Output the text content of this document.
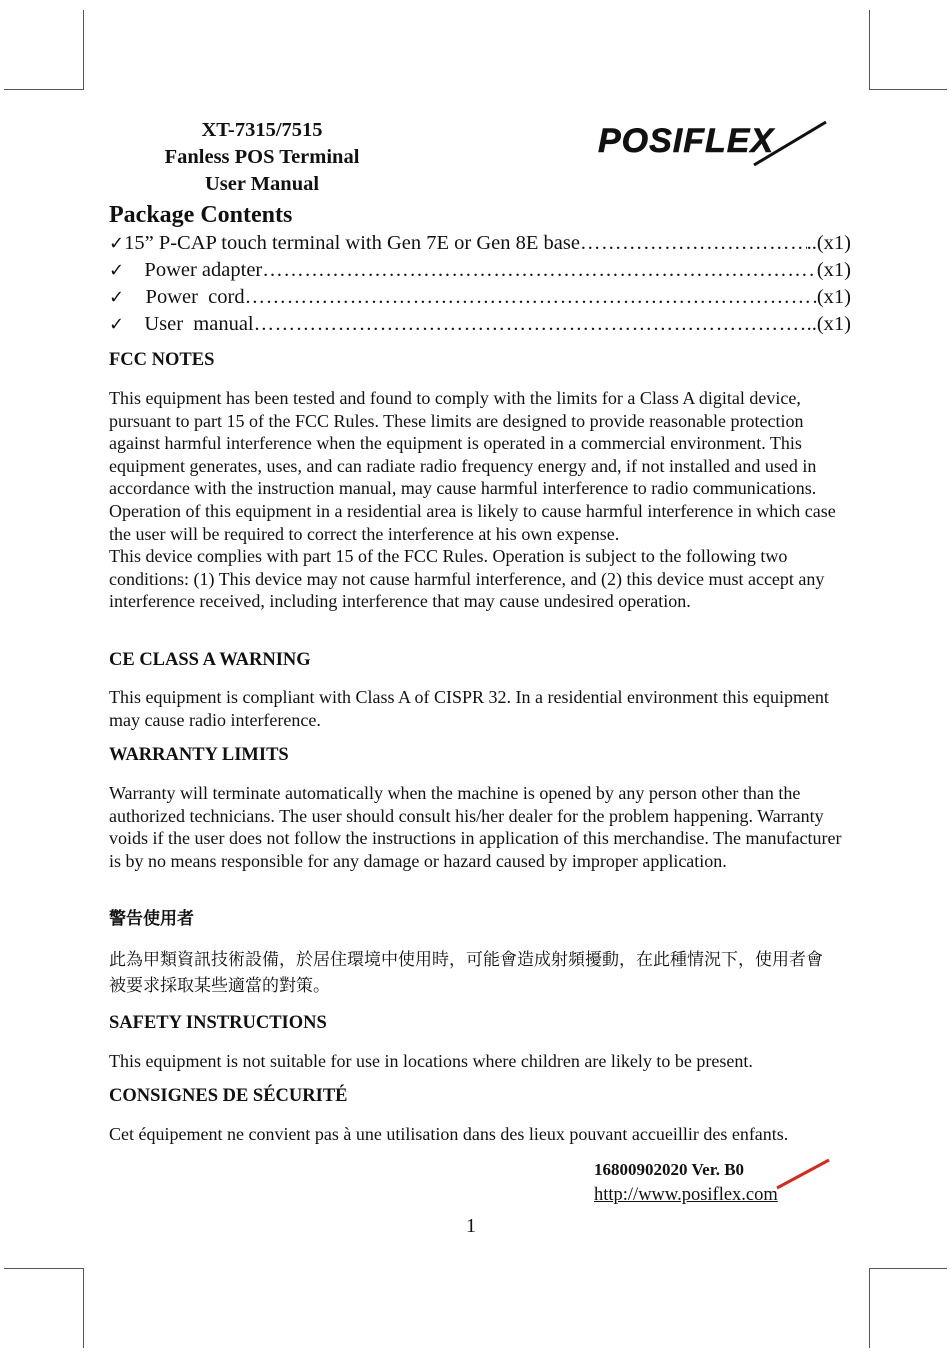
XT-7315/7515
Fanless POS Terminal
User Manual
POSIFLEX
Package Contents
✓ 15” P-CAP touch terminal with Gen 7E or Gen 8E base ……………………………………………………………………………………………………………	..(x1)
✓ Power adapter ……………………………………………………………………………………………………………	(x1)
✓	Power  cord ……………………………………………………………………………………………………………	(x1)
✓ User  manual ……………………………………………………………………………………………………………	..(x1)
FCC NOTES

This equipment has been tested and found to comply with the limits for a Class A digital device, pursuant to part 15 of the FCC Rules. These limits are designed to provide reasonable protection against harmful interference when the equipment is operated in a commercial environment. This equipment generates, uses, and can radiate radio frequency energy and, if not installed and used in accordance with the instruction manual, may cause harmful interference to radio communications. Operation of this equipment in a residential area is likely to cause harmful interference in which case the user will be required to correct the interference at his own expense.

This device complies with part 15 of the FCC Rules. Operation is subject to the following two conditions: (1) This device may not cause harmful interference, and (2) this device must accept any interference received, including interference that may cause undesired operation.

CE CLASS A WARNING
This equipment is compliant with Class A of CISPR 32. In a residential environment this equipment may cause radio interference.
WARRANTY LIMITS
Warranty will terminate automatically when the machine is opened by any person other than the authorized technicians. The user should consult his/her dealer for the problem happening. Warranty voids if the user does not follow the instructions in application of this merchandise. The manufacturer is by no means responsible for any damage or hazard caused by improper application.
警告使用者
此為甲類資訊技術設備，於居住環境中使用時，可能會造成射頻擾動，在此種情況下，使用者會被要求採取某些適當的對策。
SAFETY INSTRUCTIONS
This equipment is not suitable for use in locations where children are likely to be present.
CONSIGNES DE SÉCURITÉ
Cet équipement ne convient pas à une utilisation dans des lieux pouvant accueillir des enfants.
16800902020 Ver. B0
http://www.posiflex.com
1
